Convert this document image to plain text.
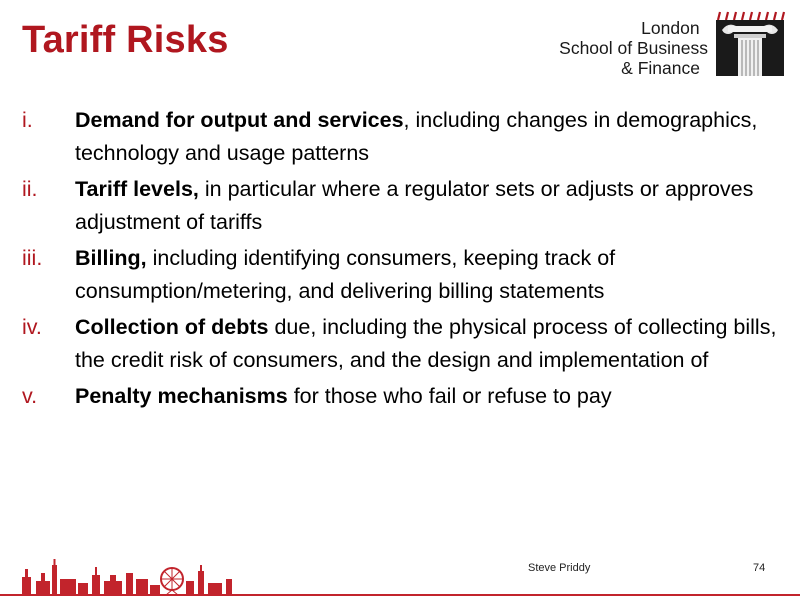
Tariff Risks	London
School of Business
& Finance
i. Demand for output and services, including changes in demographics, technology and usage patterns
ii. Tariff levels, in particular where a regulator sets or adjusts or approves adjustment of tariffs
iii. Billing, including identifying consumers, keeping track of consumption/metering, and delivering billing statements
iv. Collection of debts due, including the physical process of collecting bills, the credit risk of consumers, and the design and implementation of
v. Penalty mechanisms for those who fail or refuse to pay
Steve Priddy	74
